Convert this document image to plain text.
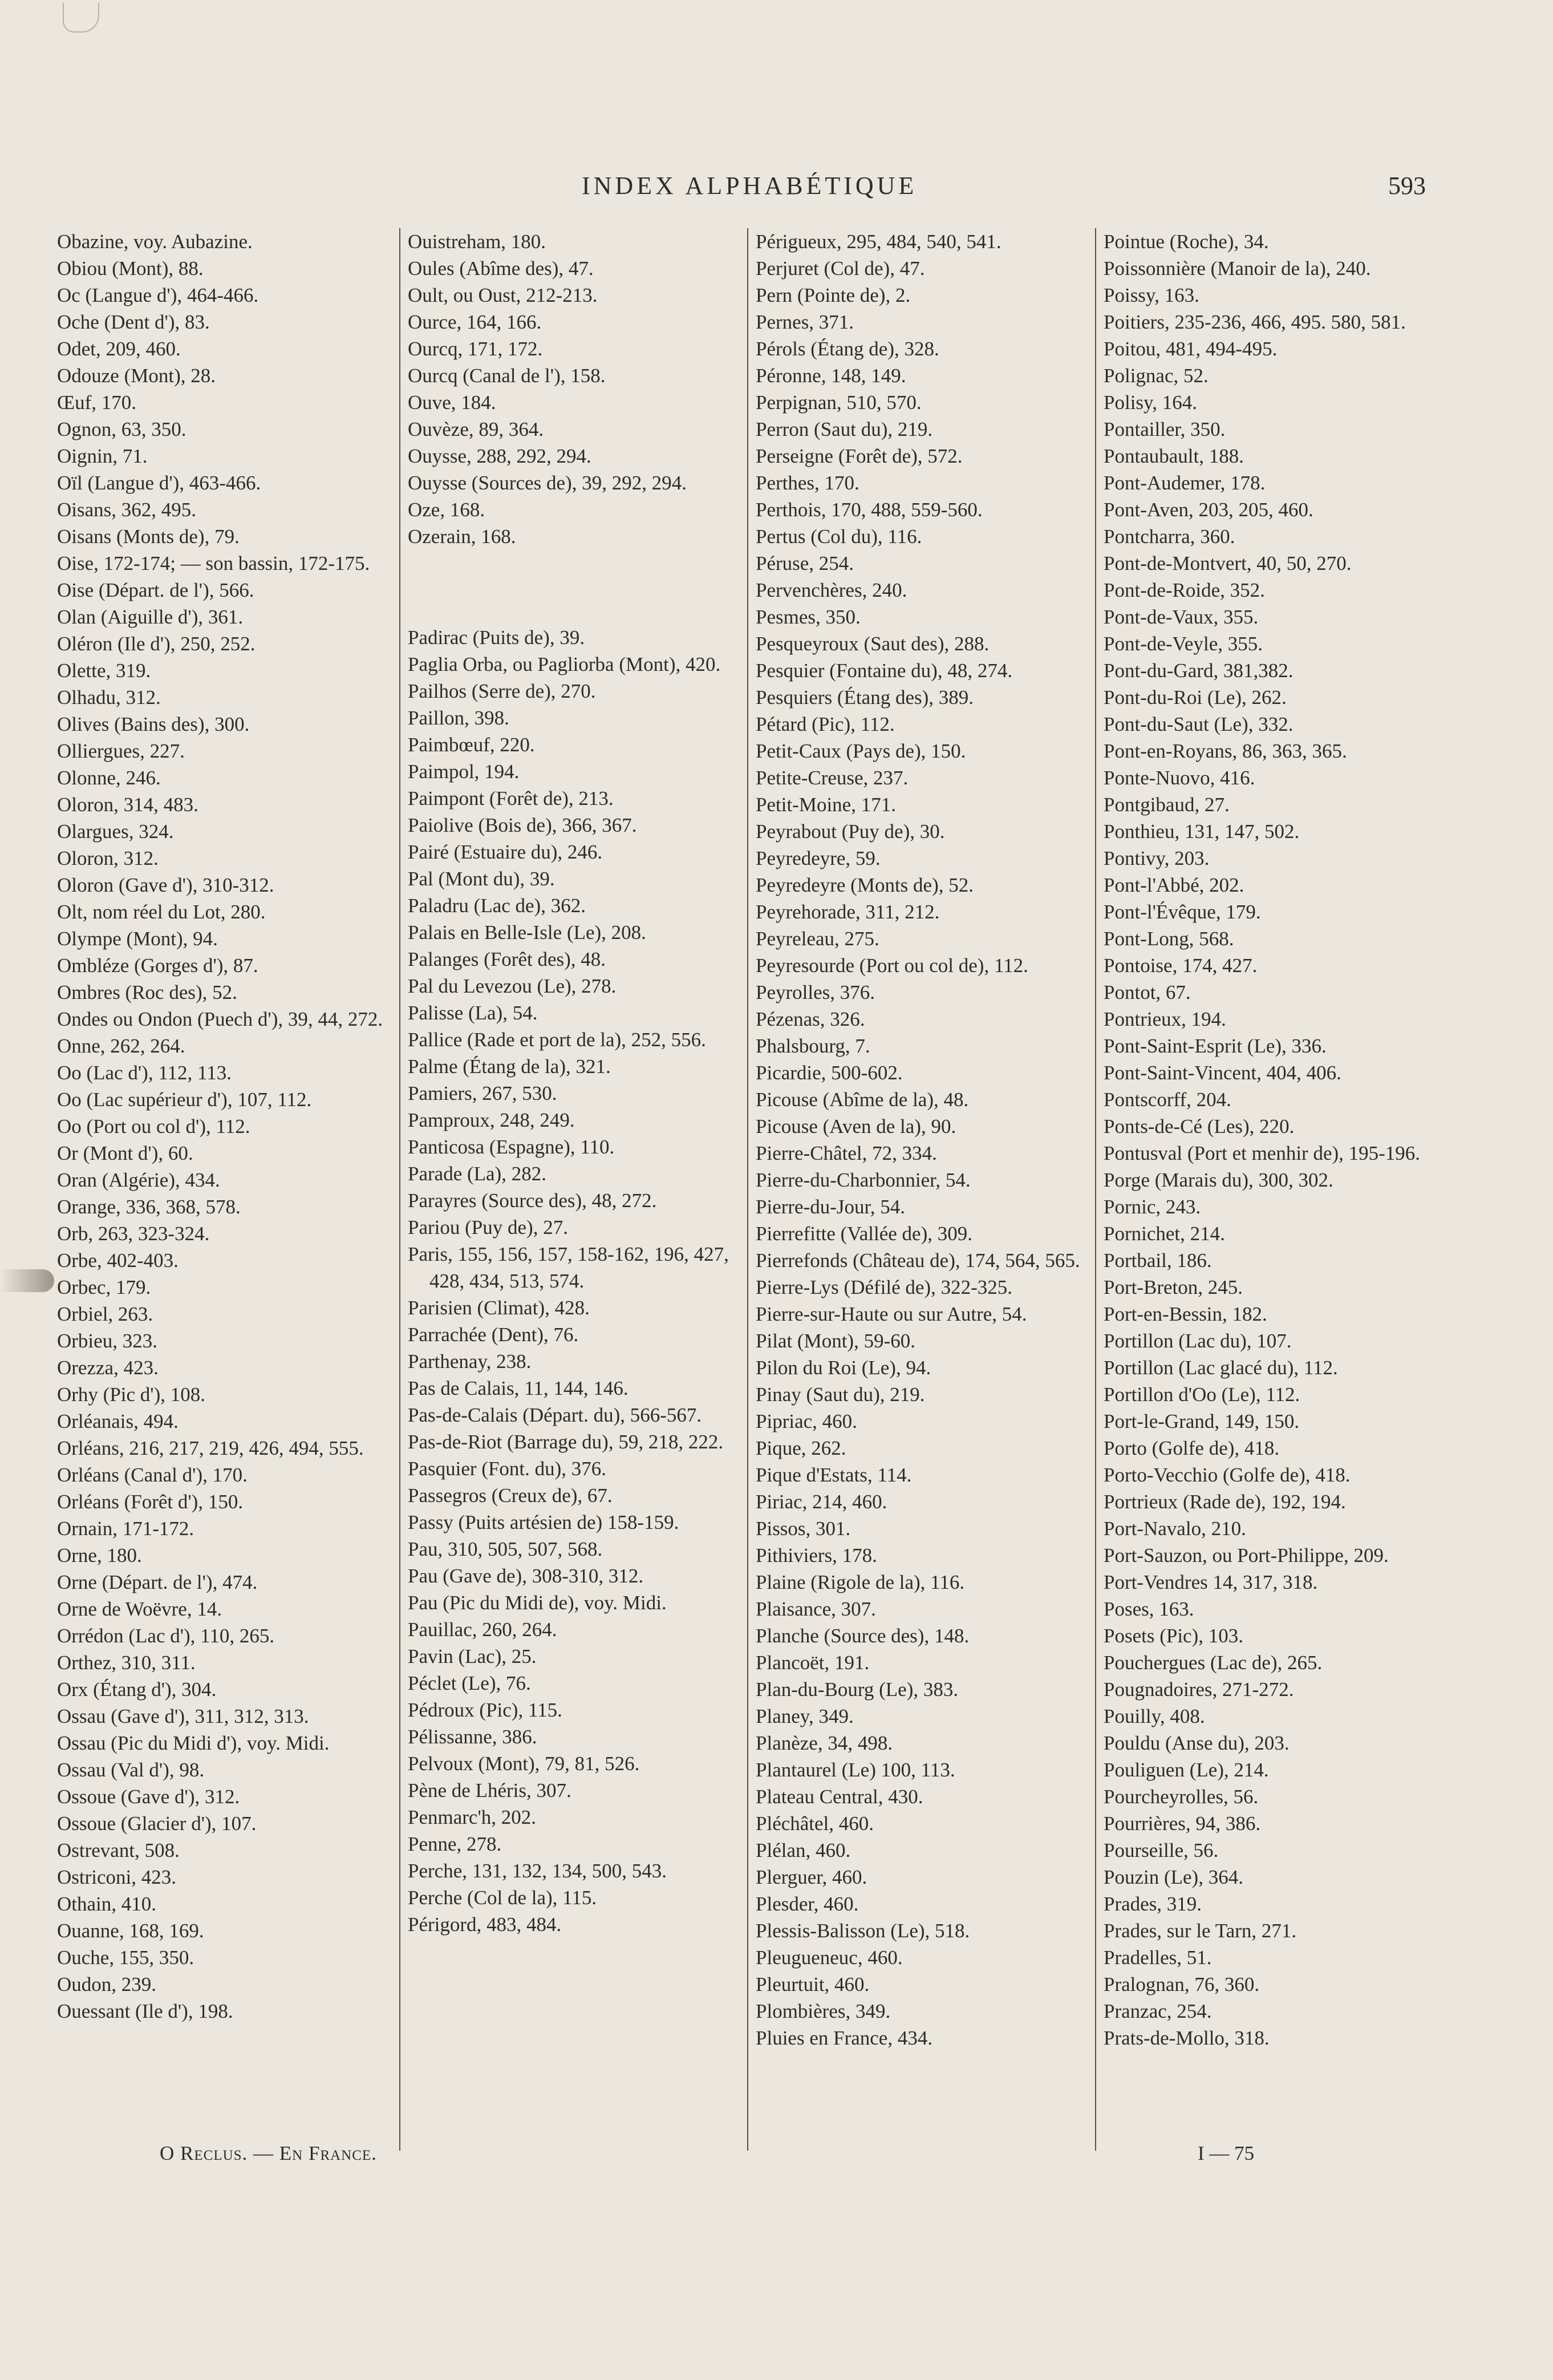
INDEX ALPHABÉTIQUE	593

Obazine, voy. Aubazine.

Obiou (Mont), 88.

Oc (Langue d'), 464-466.

Oche (Dent d'), 83.

Odet, 209, 460.

Odouze (Mont), 28.

Œuf, 170.

Ognon, 63, 350.

Oignin, 71.

Oïl (Langue d'), 463-466.

Oisans, 362, 495.

Oisans (Monts de), 79.

Oise, 172-174; — son bassin, 172-175.

Oise (Départ. de l'), 566.

Olan (Aiguille d'), 361.

Oléron (Ile d'), 250, 252.

Olette, 319.

Olhadu, 312.

Olives (Bains des), 300.

Olliergues, 227.

Olonne, 246.

Oloron, 314, 483.

Olargues, 324.

Oloron, 312.

Oloron (Gave d'), 310-312.

Olt, nom réel du Lot, 280.

Olympe (Mont), 94.

Ombléze (Gorges d'), 87.

Ombres (Roc des), 52.

Ondes ou Ondon (Puech d'), 39, 44, 272.

Onne, 262, 264.

Oo (Lac d'), 112, 113.

Oo (Lac supérieur d'), 107, 112.

Oo (Port ou col d'), 112.

Or (Mont d'), 60.

Oran (Algérie), 434.

Orange, 336, 368, 578.

Orb, 263, 323-324.

Orbe, 402-403.

Orbec, 179.

Orbiel, 263.

Orbieu, 323.

Orezza, 423.

Orhy (Pic d'), 108.

Orléanais, 494.

Orléans, 216, 217, 219, 426, 494, 555.

Orléans (Canal d'), 170.

Orléans (Forêt d'), 150.

Ornain, 171-172.

Orne, 180.

Orne (Départ. de l'), 474.

Orne de Woëvre, 14.

Orrédon (Lac d'), 110, 265.

Orthez, 310, 311.

Orx (Étang d'), 304.

Ossau (Gave d'), 311, 312, 313.

Ossau (Pic du Midi d'), voy. Midi.

Ossau (Val d'), 98.

Ossoue (Gave d'), 312.

Ossoue (Glacier d'), 107.

Ostrevant, 508.

Ostriconi, 423.

Othain, 410.

Ouanne, 168, 169.

Ouche, 155, 350.

Oudon, 239.

Ouessant (Ile d'), 198.

Ouistreham, 180.

Oules (Abîme des), 47.

Oult, ou Oust, 212-213.

Ource, 164, 166.

Ourcq, 171, 172.

Ourcq (Canal de l'), 158.

Ouve, 184.

Ouvèze, 89, 364.

Ouysse, 288, 292, 294.

Ouysse (Sources de), 39, 292, 294.

Oze, 168.

Ozerain, 168.

Padirac (Puits de), 39.

Paglia Orba, ou Pagliorba (Mont), 420.

Pailhos (Serre de), 270.

Paillon, 398.

Paimbœuf, 220.

Paimpol, 194.

Paimpont (Forêt de), 213.

Paiolive (Bois de), 366, 367.

Pairé (Estuaire du), 246.

Pal (Mont du), 39.

Paladru (Lac de), 362.

Palais en Belle-Isle (Le), 208.

Palanges (Forêt des), 48.

Pal du Levezou (Le), 278.

Palisse (La), 54.

Pallice (Rade et port de la), 252, 556.

Palme (Étang de la), 321.

Pamiers, 267, 530.

Pamproux, 248, 249.

Panticosa (Espagne), 110.

Parade (La), 282.

Parayres (Source des), 48, 272.

Pariou (Puy de), 27.

Paris, 155, 156, 157, 158-162, 196, 427, 428, 434, 513, 574.

Parisien (Climat), 428.

Parrachée (Dent), 76.

Parthenay, 238.

Pas de Calais, 11, 144, 146.

Pas-de-Calais (Départ. du), 566-567.

Pas-de-Riot (Barrage du), 59, 218, 222.

Pasquier (Font. du), 376.

Passegros (Creux de), 67.

Passy (Puits artésien de) 158-159.

Pau, 310, 505, 507, 568.

Pau (Gave de), 308-310, 312.

Pau (Pic du Midi de), voy. Midi.

Pauillac, 260, 264.

Pavin (Lac), 25.

Péclet (Le), 76.

Pédroux (Pic), 115.

Pélissanne, 386.

Pelvoux (Mont), 79, 81, 526.

Pène de Lhéris, 307.

Penmarc'h, 202.

Penne, 278.

Perche, 131, 132, 134, 500, 543.

Perche (Col de la), 115.

Périgord, 483, 484.

Périgueux, 295, 484, 540, 541.

Perjuret (Col de), 47.

Pern (Pointe de), 2.

Pernes, 371.

Pérols (Étang de), 328.

Péronne, 148, 149.

Perpignan, 510, 570.

Perron (Saut du), 219.

Perseigne (Forêt de), 572.

Perthes, 170.

Perthois, 170, 488, 559-560.

Pertus (Col du), 116.

Péruse, 254.

Pervenchères, 240.

Pesmes, 350.

Pesqueyroux (Saut des), 288.

Pesquier (Fontaine du), 48, 274.

Pesquiers (Étang des), 389.

Pétard (Pic), 112.

Petit-Caux (Pays de), 150.

Petite-Creuse, 237.

Petit-Moine, 171.

Peyrabout (Puy de), 30.

Peyredeyre, 59.

Peyredeyre (Monts de), 52.

Peyrehorade, 311, 212.

Peyreleau, 275.

Peyresourde (Port ou col de), 112.

Peyrolles, 376.

Pézenas, 326.

Phalsbourg, 7.

Picardie, 500-602.

Picouse (Abîme de la), 48.

Picouse (Aven de la), 90.

Pierre-Châtel, 72, 334.

Pierre-du-Charbonnier, 54.

Pierre-du-Jour, 54.

Pierrefitte (Vallée de), 309.

Pierrefonds (Château de), 174, 564, 565.

Pierre-Lys (Défilé de), 322-325.

Pierre-sur-Haute ou sur Autre, 54.

Pilat (Mont), 59-60.

Pilon du Roi (Le), 94.

Pinay (Saut du), 219.

Pipriac, 460.

Pique, 262.

Pique d'Estats, 114.

Piriac, 214, 460.

Pissos, 301.

Pithiviers, 178.

Plaine (Rigole de la), 116.

Plaisance, 307.

Planche (Source des), 148.

Plancoët, 191.

Plan-du-Bourg (Le), 383.

Planey, 349.

Planèze, 34, 498.

Plantaurel (Le) 100, 113.

Plateau Central, 430.

Pléchâtel, 460.

Plélan, 460.

Plerguer, 460.

Plesder, 460.

Plessis-Balisson (Le), 518.

Pleugueneuc, 460.

Pleurtuit, 460.

Plombières, 349.

Pluies en France, 434.

Pointue (Roche), 34.

Poissonnière (Manoir de la), 240.

Poissy, 163.

Poitiers, 235-236, 466, 495. 580, 581.

Poitou, 481, 494-495.

Polignac, 52.

Polisy, 164.

Pontailler, 350.

Pontaubault, 188.

Pont-Audemer, 178.

Pont-Aven, 203, 205, 460.

Pontcharra, 360.

Pont-de-Montvert, 40, 50, 270.

Pont-de-Roide, 352.

Pont-de-Vaux, 355.

Pont-de-Veyle, 355.

Pont-du-Gard, 381,382.

Pont-du-Roi (Le), 262.

Pont-du-Saut (Le), 332.

Pont-en-Royans, 86, 363, 365.

Ponte-Nuovo, 416.

Pontgibaud, 27.

Ponthieu, 131, 147, 502.

Pontivy, 203.

Pont-l'Abbé, 202.

Pont-l'Évêque, 179.

Pont-Long, 568.

Pontoise, 174, 427.

Pontot, 67.

Pontrieux, 194.

Pont-Saint-Esprit (Le), 336.

Pont-Saint-Vincent, 404, 406.

Pontscorff, 204.

Ponts-de-Cé (Les), 220.

Pontusval (Port et menhir de), 195-196.

Porge (Marais du), 300, 302.

Pornic, 243.

Pornichet, 214.

Portbail, 186.

Port-Breton, 245.

Port-en-Bessin, 182.

Portillon (Lac du), 107.

Portillon (Lac glacé du), 112.

Portillon d'Oo (Le), 112.

Port-le-Grand, 149, 150.

Porto (Golfe de), 418.

Porto-Vecchio (Golfe de), 418.

Portrieux (Rade de), 192, 194.

Port-Navalo, 210.

Port-Sauzon, ou Port-Philippe, 209.

Port-Vendres 14, 317, 318.

Poses, 163.

Posets (Pic), 103.

Pouchergues (Lac de), 265.

Pougnadoires, 271-272.

Pouilly, 408.

Pouldu (Anse du), 203.

Pouliguen (Le), 214.

Pourcheyrolles, 56.

Pourrières, 94, 386.

Pourseille, 56.

Pouzin (Le), 364.

Prades, 319.

Prades, sur le Tarn, 271.

Pradelles, 51.

Pralognan, 76, 360.

Pranzac, 254.

Prats-de-Mollo, 318.

O Reclus. — En France.	I — 75
